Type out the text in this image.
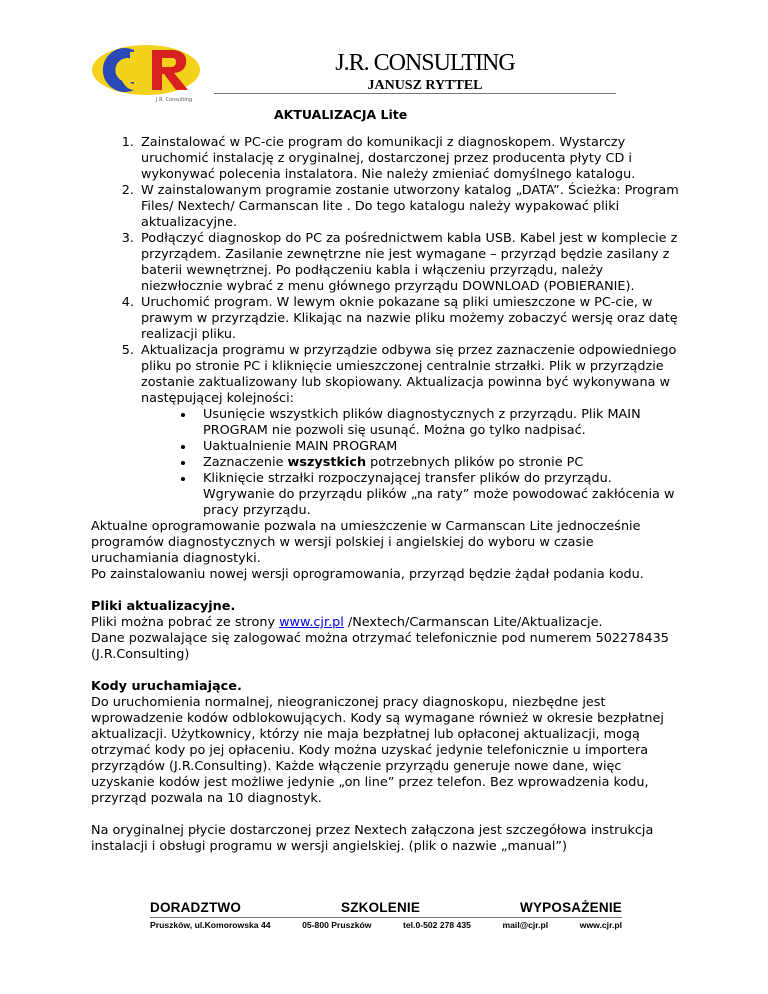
J.R. Consulting
J.R. CONSULTING
JANUSZ RYTTEL
AKTUALIZACJA Lite
1. Zainstalować w PC-cie program do komunikacji z diagnoskopem. Wystarczy uruchomić instalację z oryginalnej, dostarczonej przez producenta płyty CD i wykonywać polecenia instalatora. Nie należy zmieniać domyślnego katalogu.
2. W zainstalowanym programie zostanie utworzony katalog „DATA”. Ścieżka: Program Files/ Nextech/ Carmanscan lite . Do tego katalogu należy wypakować pliki aktualizacyjne.
3. Podłączyć diagnoskop do PC za pośrednictwem kabla USB. Kabel jest w komplecie z przyrządem. Zasilanie zewnętrzne nie jest wymagane – przyrząd będzie zasilany z baterii wewnętrznej. Po podłączeniu kabla i włączeniu przyrządu, należy niezwłocznie wybrać z menu głównego przyrządu DOWNLOAD (POBIERANIE).
4. Uruchomić program. W lewym oknie pokazane są pliki umieszczone w PC-cie, w prawym w przyrządzie. Klikając na nazwie pliku możemy zobaczyć wersję oraz datę realizacji pliku.
5. Aktualizacja programu w przyrządzie odbywa się przez zaznaczenie odpowiedniego pliku po stronie PC i kliknięcie umieszczonej centralnie strzałki. Plik w przyrządzie zostanie zaktualizowany lub skopiowany. Aktualizacja powinna być wykonywana w następującej kolejności:
• Usunięcie wszystkich plików diagnostycznych z przyrządu. Plik MAIN PROGRAM nie pozwoli się usunąć. Można go tylko nadpisać.
• Uaktualnienie MAIN PROGRAM
• Zaznaczenie wszystkich potrzebnych plików po stronie PC
• Kliknięcie strzałki rozpoczynającej transfer plików do przyrządu. Wgrywanie do przyrządu plików „na raty” może powodować zakłócenia w pracy przyrządu.

Aktualne oprogramowanie pozwala na umieszczenie w Carmanscan Lite jednocześnie programów diagnostycznych w wersji polskiej i angielskiej do wyboru w czasie uruchamiania diagnostyki.

Po zainstalowaniu nowej wersji oprogramowania, przyrząd będzie żądał podania kodu.

Pliki aktualizacyjne.

Pliki można pobrać ze strony www.cjr.pl /Nextech/Carmanscan Lite/Aktualizacje.

Dane pozwalające się zalogować można otrzymać telefonicznie pod numerem 502278435 (J.R.Consulting)

Kody uruchamiające.

Do uruchomienia normalnej, nieograniczonej pracy diagnoskopu, niezbędne jest wprowadzenie kodów odblokowujących. Kody są wymagane również w okresie bezpłatnej aktualizacji. Użytkownicy, którzy nie maja bezpłatnej lub opłaconej aktualizacji, mogą otrzymać kody po jej opłaceniu. Kody można uzyskać jedynie telefonicznie u importera przyrządów (J.R.Consulting). Każde włączenie przyrządu generuje nowe dane, więc uzyskanie kodów jest możliwe jedynie „on line” przez telefon. Bez wprowadzenia kodu, przyrząd pozwala na 10 diagnostyk.

Na oryginalnej płycie dostarczonej przez Nextech załączona jest szczegółowa instrukcja instalacji i obsługi programu w wersji angielskiej. (plik o nazwie „manual”)

DORADZTWO	SZKOLENIE	WYPOSAŻENIE
Pruszków, ul.Komorowska 44	05-800 Pruszków	tel.0-502 278 435	mail@cjr.pl	www.cjr.pl
